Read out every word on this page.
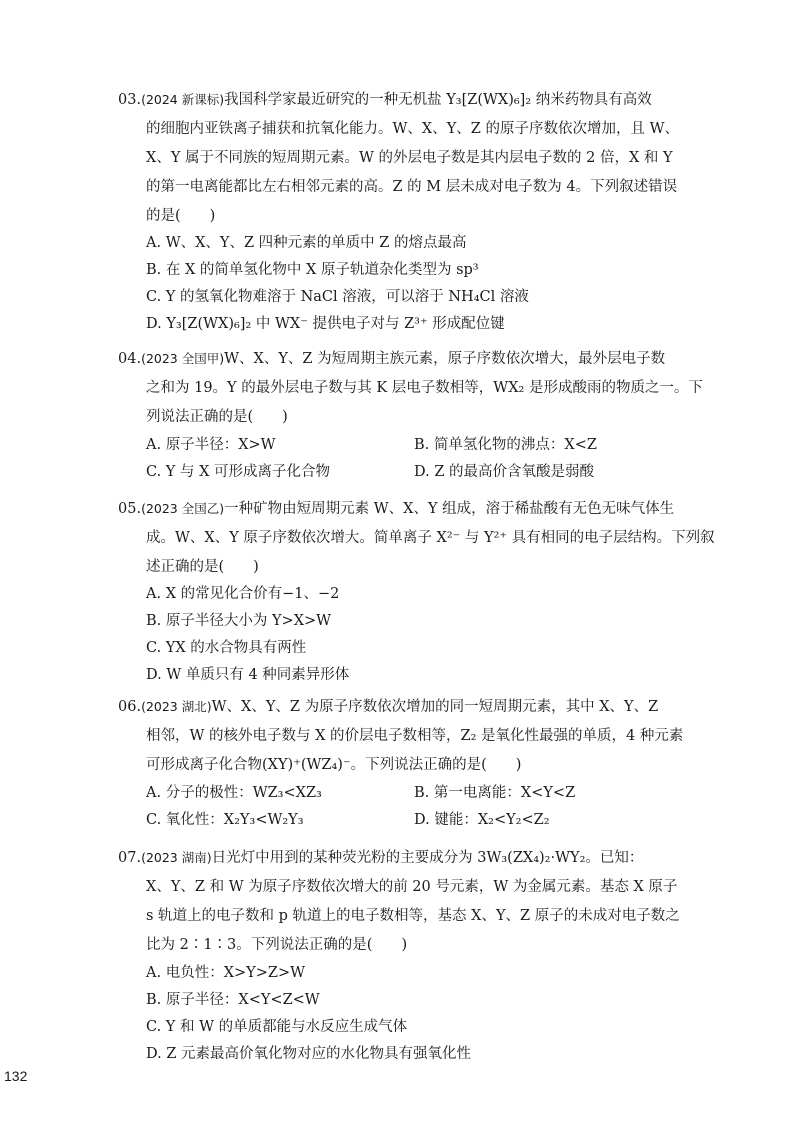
03.(2024 新课标)我国科学家最近研究的一种无机盐 Y₃[Z(WX)₆]₂ 纳米药物具有高效
的细胞内亚铁离子捕获和抗氧化能力。W、X、Y、Z 的原子序数依次增加，且 W、
X、Y 属于不同族的短周期元素。W 的外层电子数是其内层电子数的 2 倍，X 和 Y
的第一电离能都比左右相邻元素的高。Z 的 M 层未成对电子数为 4。下列叙述错误
的是(　　)
A. W、X、Y、Z 四种元素的单质中 Z 的熔点最高
B. 在 X 的简单氢化物中 X 原子轨道杂化类型为 sp³
C. Y 的氢氧化物难溶于 NaCl 溶液，可以溶于 NH₄Cl 溶液
D. Y₃[Z(WX)₆]₂ 中 WX⁻ 提供电子对与 Z³⁺ 形成配位键
04.(2023 全国甲)W、X、Y、Z 为短周期主族元素，原子序数依次增大，最外层电子数
之和为 19。Y 的最外层电子数与其 K 层电子数相等，WX₂ 是形成酸雨的物质之一。下
列说法正确的是(　　)
A. 原子半径：X>W	B. 简单氢化物的沸点：X<Z
C. Y 与 X 可形成离子化合物	D. Z 的最高价含氧酸是弱酸
05.(2023 全国乙)一种矿物由短周期元素 W、X、Y 组成，溶于稀盐酸有无色无味气体生
成。W、X、Y 原子序数依次增大。简单离子 X²⁻ 与 Y²⁺ 具有相同的电子层结构。下列叙
述正确的是(　　)
A. X 的常见化合价有−1、−2
B. 原子半径大小为 Y>X>W
C. YX 的水合物具有两性
D. W 单质只有 4 种同素异形体
06.(2023 湖北)W、X、Y、Z 为原子序数依次增加的同一短周期元素，其中 X、Y、Z
相邻，W 的核外电子数与 X 的价层电子数相等，Z₂ 是氧化性最强的单质，4 种元素
可形成离子化合物(XY)⁺(WZ₄)⁻。下列说法正确的是(　　)
A. 分子的极性：WZ₃<XZ₃	B. 第一电离能：X<Y<Z
C. 氧化性：X₂Y₃<W₂Y₃	D. 键能：X₂<Y₂<Z₂
07.(2023 湖南)日光灯中用到的某种荧光粉的主要成分为 3W₃(ZX₄)₂·WY₂。已知：
X、Y、Z 和 W 为原子序数依次增大的前 20 号元素，W 为金属元素。基态 X 原子
s 轨道上的电子数和 p 轨道上的电子数相等，基态 X、Y、Z 原子的未成对电子数之
比为 2∶1∶3。下列说法正确的是(　　)
A. 电负性：X>Y>Z>W
B. 原子半径：X<Y<Z<W
C. Y 和 W 的单质都能与水反应生成气体
D. Z 元素最高价氧化物对应的水化物具有强氧化性
132
